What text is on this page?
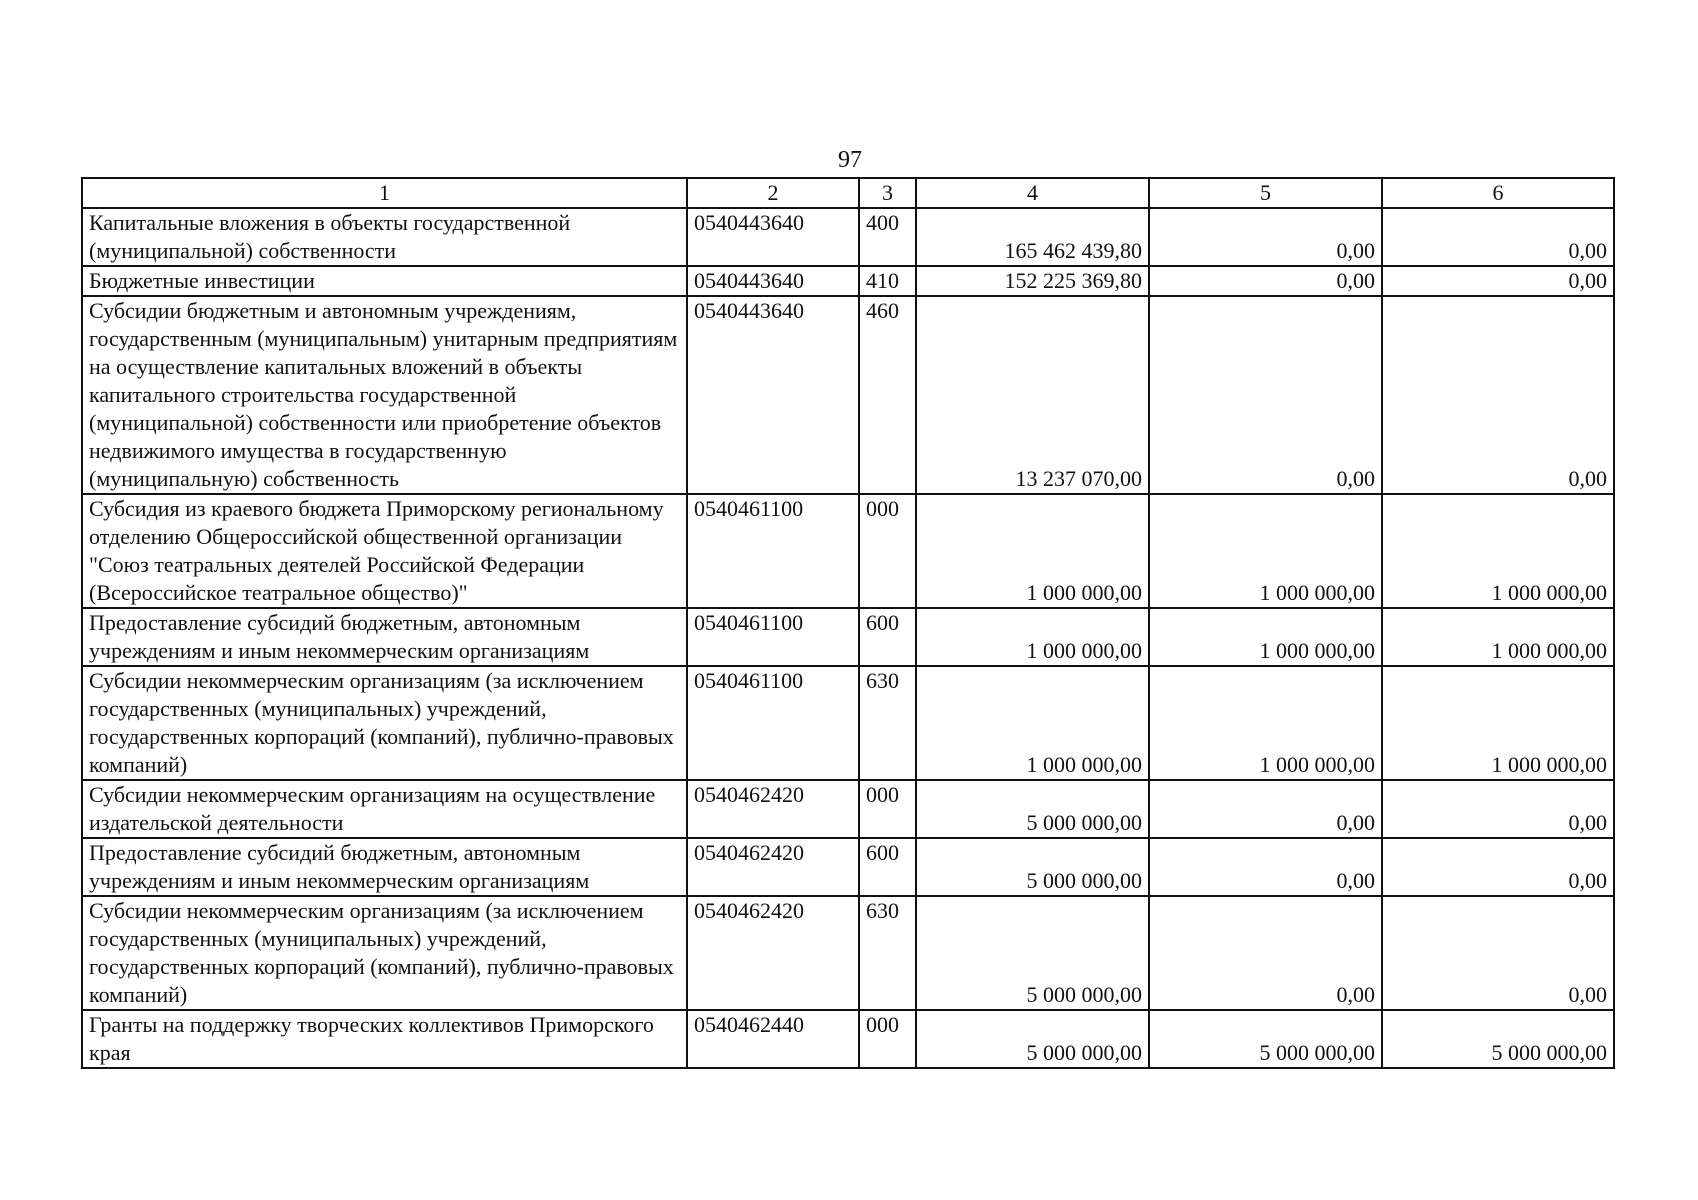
97
1	2	3	4	5	6
Капитальные вложения в объекты государственной (муниципальной) собственности	0540443640	400	165 462 439,80	0,00	0,00
Бюджетные инвестиции	0540443640	410	152 225 369,80	0,00	0,00
Субсидии бюджетным и автономным учреждениям, государственным (муниципальным) унитарным предприятиям на осуществление капитальных вложений в объекты капитального строительства государственной (муниципальной) собственности или приобретение объектов недвижимого имущества в государственную (муниципальную) собственность	0540443640	460	13 237 070,00	0,00	0,00
Субсидия из краевого бюджета Приморскому региональному отделению Общероссийской общественной организации "Союз театральных деятелей Российской Федерации (Всероссийское театральное общество)"	0540461100	000	1 000 000,00	1 000 000,00	1 000 000,00
Предоставление субсидий бюджетным, автономным учреждениям и иным некоммерческим организациям	0540461100	600	1 000 000,00	1 000 000,00	1 000 000,00
Субсидии некоммерческим организациям (за исключением государственных (муниципальных) учреждений, государственных корпораций (компаний), публично-правовых компаний)	0540461100	630	1 000 000,00	1 000 000,00	1 000 000,00
Субсидии некоммерческим организациям на осуществление издательской деятельности	0540462420	000	5 000 000,00	0,00	0,00
Предоставление субсидий бюджетным, автономным учреждениям и иным некоммерческим организациям	0540462420	600	5 000 000,00	0,00	0,00
Субсидии некоммерческим организациям (за исключением государственных (муниципальных) учреждений, государственных корпораций (компаний), публично-правовых компаний)	0540462420	630	5 000 000,00	0,00	0,00
Гранты на поддержку творческих коллективов Приморского края	0540462440	000	5 000 000,00	5 000 000,00	5 000 000,00
